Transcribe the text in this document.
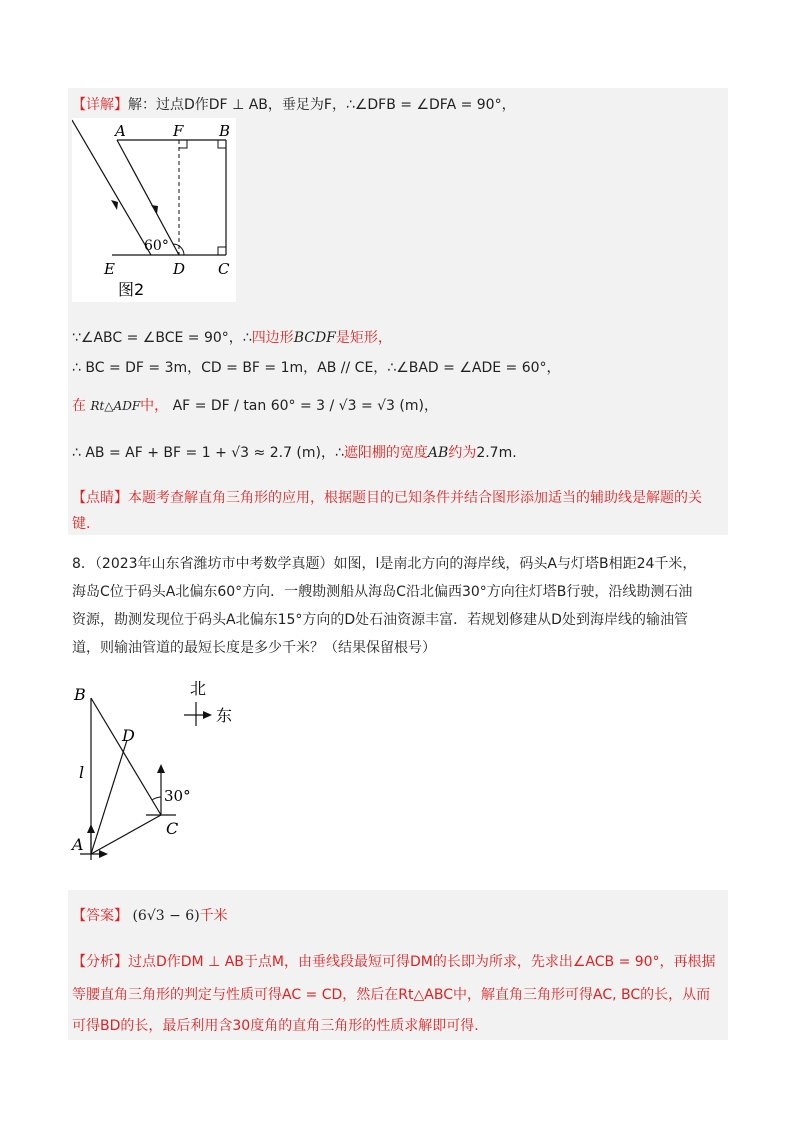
【详解】解：过点D作DF ⊥ AB，垂足为F，∴∠DFB = ∠DFA = 90°，
A	F B
60°
E	D C
图2
∵∠ABC = ∠BCE = 90°，∴四边形BCDF是矩形，
∴ BC = DF = 3m，CD = BF = 1m，AB // CE，∴∠BAD = ∠ADE = 60°，
在 Rt△ADF中， AF = DF / tan 60° = 3 / √3 = √3 (m)，
∴ AB = AF + BF = 1 + √3 ≈ 2.7 (m)，∴遮阳棚的宽度AB约为2.7m.
【点睛】本题考查解直角三角形的应用，根据题目的已知条件并结合图形添加适当的辅助线是解题的关
键.
8．（2023年山东省潍坊市中考数学真题）如图，l是南北方向的海岸线，码头A与灯塔B相距24千米，
海岛C位于码头A北偏东60°方向．一艘勘测船从海岛C沿北偏西30°方向往灯塔B行驶，沿线勘测石油
资源，勘测发现位于码头A北偏东15°方向的D处石油资源丰富．若规划修建从D处到海岸线的输油管
道，则输油管道的最短长度是多少千米？（结果保留根号）
北
东
B
D
l
30°
C
A
【答案】 (6√3 − 6)千米
【分析】过点D作DM ⊥ AB于点M，由垂线段最短可得DM的长即为所求，先求出∠ACB = 90°，再根据
等腰直角三角形的判定与性质可得AC = CD，然后在Rt△ABC中，解直角三角形可得AC, BC的长，从而
可得BD的长，最后利用含30度角的直角三角形的性质求解即可得.
